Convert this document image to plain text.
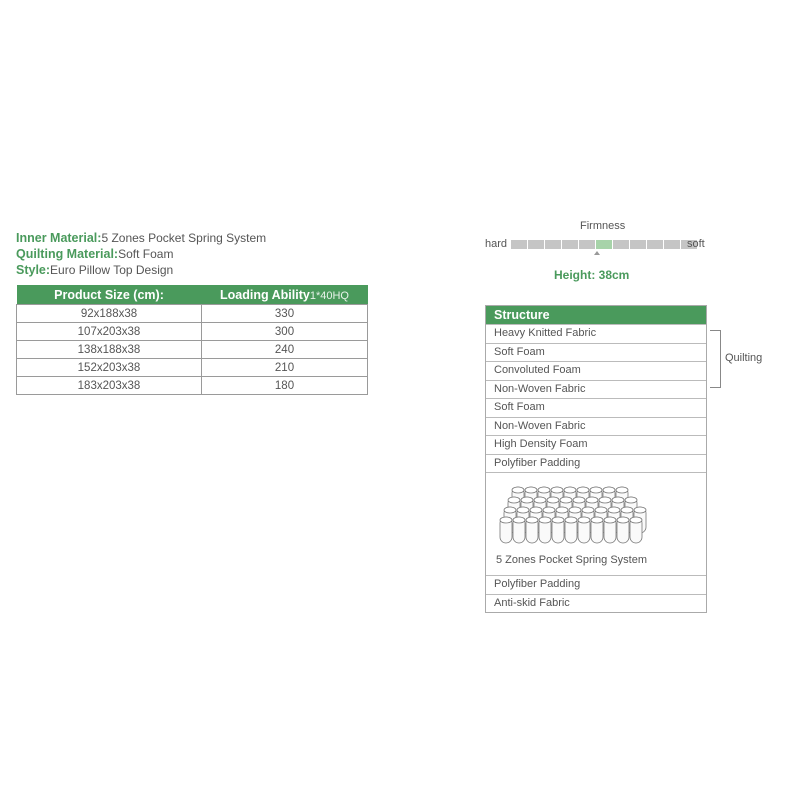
Inner Material:5 Zones Pocket Spring System
Quilting Material:Soft Foam
Style:Euro Pillow Top Design
Product Size (cm):	Loading Ability1*40HQ
92x188x38	330
107x203x38	300
138x188x38	240
152x203x38	210
183x203x38	180
Firmness
hard	soft
Height: 38cm
Structure
Heavy Knitted Fabric
Soft Foam
Convoluted Foam
Non-Woven Fabric
Soft Foam
Non-Woven Fabric
High Density Foam
Polyfiber Padding
5 Zones Pocket Spring System
Polyfiber Padding
Anti-skid Fabric
Quilting
